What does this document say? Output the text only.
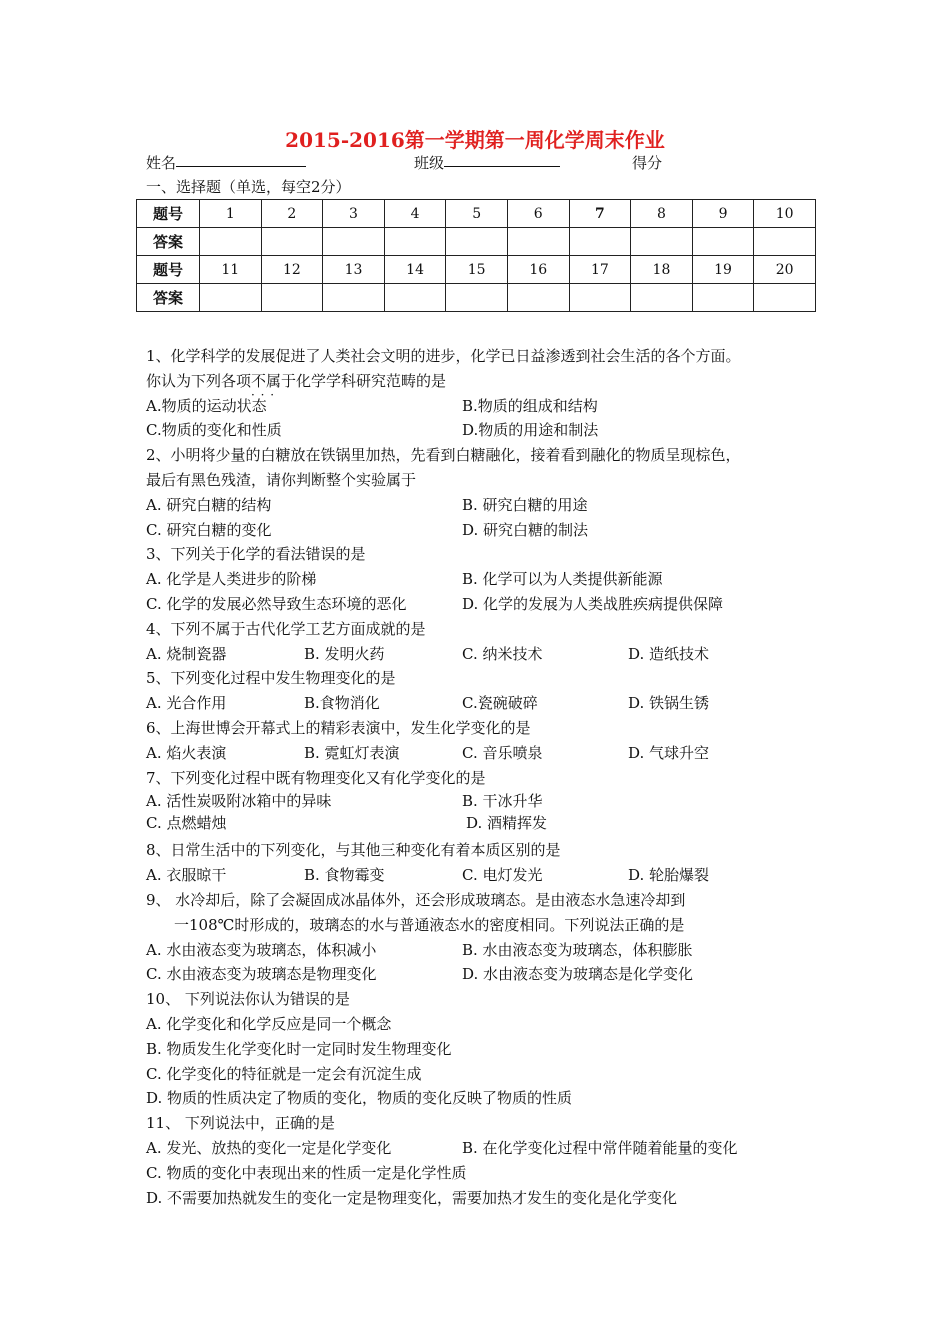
2015-2016第一学期第一周化学周末作业
姓名	班级	得分
一、选择题（单选，每空2分）
题号	1	2	3	4	5	6	7	8	9	10
答案										
题号	11	12	13	14	15	16	17	18	19	20
答案										
1、化学科学的发展促进了人类社会文明的进步，化学已日益渗透到社会生活的各个方面。
你认为下列各项不属于 · · ·化学学科研究范畴的是
A.物质的运动状态	B.物质的组成和结构
C.物质的变化和性质	D.物质的用途和制法
2、小明将少量的白糖放在铁锅里加热，先看到白糖融化，接着看到融化的物质呈现棕色，
最后有黑色残渣，请你判断整个实验属于
A. 研究白糖的结构	B. 研究白糖的用途
C. 研究白糖的变化	D. 研究白糖的制法
3、下列关于化学的看法错误的是
A. 化学是人类进步的阶梯	B. 化学可以为人类提供新能源
C. 化学的发展必然导致生态环境的恶化	D. 化学的发展为人类战胜疾病提供保障
4、下列不属于古代化学工艺方面成就的是
A. 烧制瓷器	B. 发明火药	C. 纳米技术	D. 造纸技术
5、下列变化过程中发生物理变化的是
A. 光合作用	B.食物消化	C.瓷碗破碎	D. 铁锅生锈
6、上海世博会开幕式上的精彩表演中，发生化学变化的是
A. 焰火表演	B. 霓虹灯表演	C. 音乐喷泉	D. 气球升空
7、下列变化过程中既有物理变化又有化学变化的是
A. 活性炭吸附冰箱中的异味	B. 干冰升华
C. 点燃蜡烛	D. 酒精挥发
8、日常生活中的下列变化，与其他三种变化有着本质区别的是
A. 衣服晾干	B. 食物霉变	C. 电灯发光	D. 轮胎爆裂
9、 水冷却后，除了会凝固成冰晶体外，还会形成玻璃态。是由液态水急速冷却到
一108℃时形成的，玻璃态的水与普通液态水的密度相同。下列说法正确的是
A. 水由液态变为玻璃态，体积减小	B. 水由液态变为玻璃态，体积膨胀
C. 水由液态变为玻璃态是物理变化	D. 水由液态变为玻璃态是化学变化
10、 下列说法你认为错误的是
A. 化学变化和化学反应是同一个概念
B. 物质发生化学变化时一定同时发生物理变化
C. 化学变化的特征就是一定会有沉淀生成
D. 物质的性质决定了物质的变化，物质的变化反映了物质的性质
11、 下列说法中，正确的是
A. 发光、放热的变化一定是化学变化	B. 在化学变化过程中常伴随着能量的变化
C. 物质的变化中表现出来的性质一定是化学性质
D. 不需要加热就发生的变化一定是物理变化，需要加热才发生的变化是化学变化
